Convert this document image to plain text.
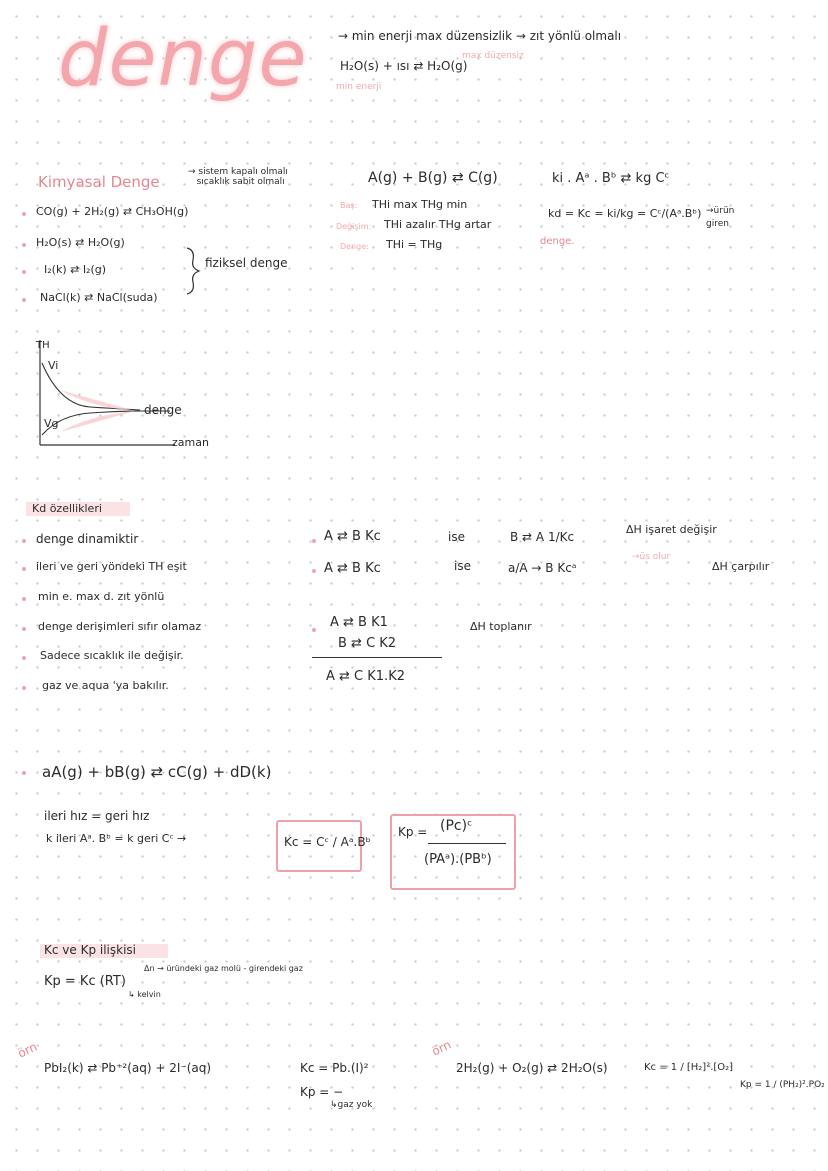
denge	→ min enerji max düzensizlik → zıt yönlü olmalı
max düzensiz
H₂O(s) + ısı ⇄ H₂O(g)
min enerji
Kimyasal Denge
→ sistem kapalı olmalı
sıcaklık sabit olmalı
CO(g) + 2H₂(g) ⇄ CH₃OH(g)
H₂O(s) ⇄ H₂O(g)
I₂(k) ⇄ I₂(g)
NaCl(k) ⇄ NaCl(suda)
fiziksel denge
A(g) + B(g) ⇄ C(g)
Baş: THi max THg min
Değişim: THi azalır THg artar
Denge: THi = THg
ki . Aᵃ . Bᵇ ⇄ kg Cᶜ
kd = Kc = ki/kg = Cᶜ/(Aᵃ.Bᵇ) →ürün
giren
denge.
TH
Vi
Vg
denge
zaman
Kd özellikleri
denge dinamiktir
ileri ve geri yöndeki TH eşit
min e. max d. zıt yönlü
denge derişimleri sıfır olamaz
Sadece sıcaklık ile değişir.
gaz ve aqua 'ya bakılır.
A ⇄ B Kc	ise	B ⇄ A 1/Kc
ΔH işaret değişir
A ⇄ B Kc	ise	a/A → B Kcᵃ
→üs olur
ΔH çarpılır
A ⇄ B K1
B ⇄ C K2
A ⇄ C K1.K2
ΔH toplanır
aA(g) + bB(g) ⇄ cC(g) + dD(k)
ileri hız = geri hız
k ileri Aᵃ. Bᵇ = k geri Cᶜ →	Kc = Cᶜ / Aᵃ.Bᵇ
Kp = (Pc)ᶜ
(PAᵃ).(PBᵇ)
Kc ve Kp ilişkisi
Kp = Kc (RT)
Δn → üründeki gaz molü - girendeki gaz
↳ kelvin
örn
PbI₂(k) ⇄ Pb⁺²(aq) + 2I⁻(aq)	Kc = Pb.(I)²
Kp = −
↳gaz yok
örn
2H₂(g) + O₂(g) ⇄ 2H₂O(s)	Kc = 1 / [H₂]².[O₂]
Kp = 1 / (PH₂)².PO₂
